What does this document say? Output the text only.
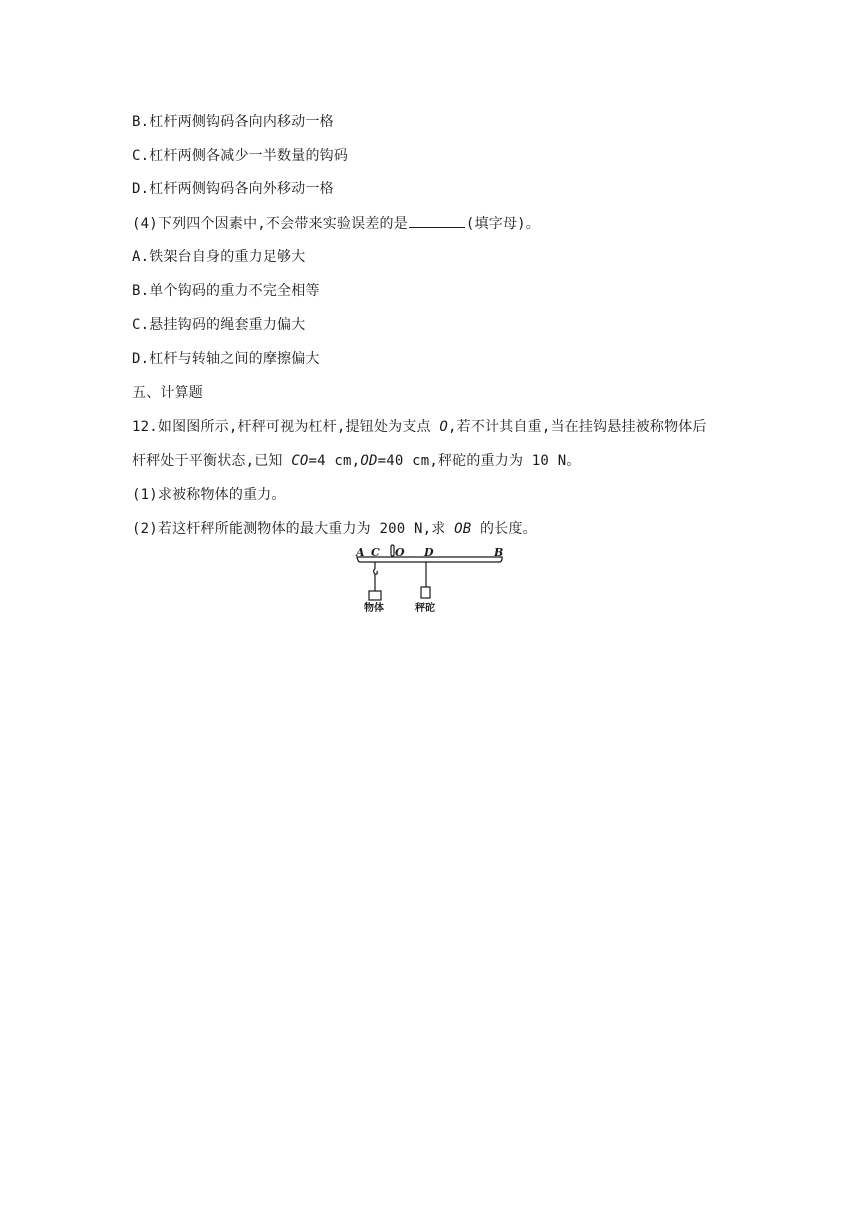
B.杠杆两侧钩码各向内移动一格
C.杠杆两侧各减少一半数量的钩码
D.杠杆两侧钩码各向外移动一格
(4)下列四个因素中,不会带来实验误差的是	(填字母)。
A.铁架台自身的重力足够大
B.单个钩码的重力不完全相等
C.悬挂钩码的绳套重力偏大
D.杠杆与转轴之间的摩擦偏大
五、计算题
12.如图图所示,杆秤可视为杠杆,提钮处为支点 O,若不计其自重,当在挂钩悬挂被称物体后
杆秤处于平衡状态,已知 CO=4 cm,OD=40 cm,秤砣的重力为 10 N。
(1)求被称物体的重力。
(2)若这杆秤所能测物体的最大重力为 200 N,求 OB 的长度。
A C O D	B
物体	秤砣
